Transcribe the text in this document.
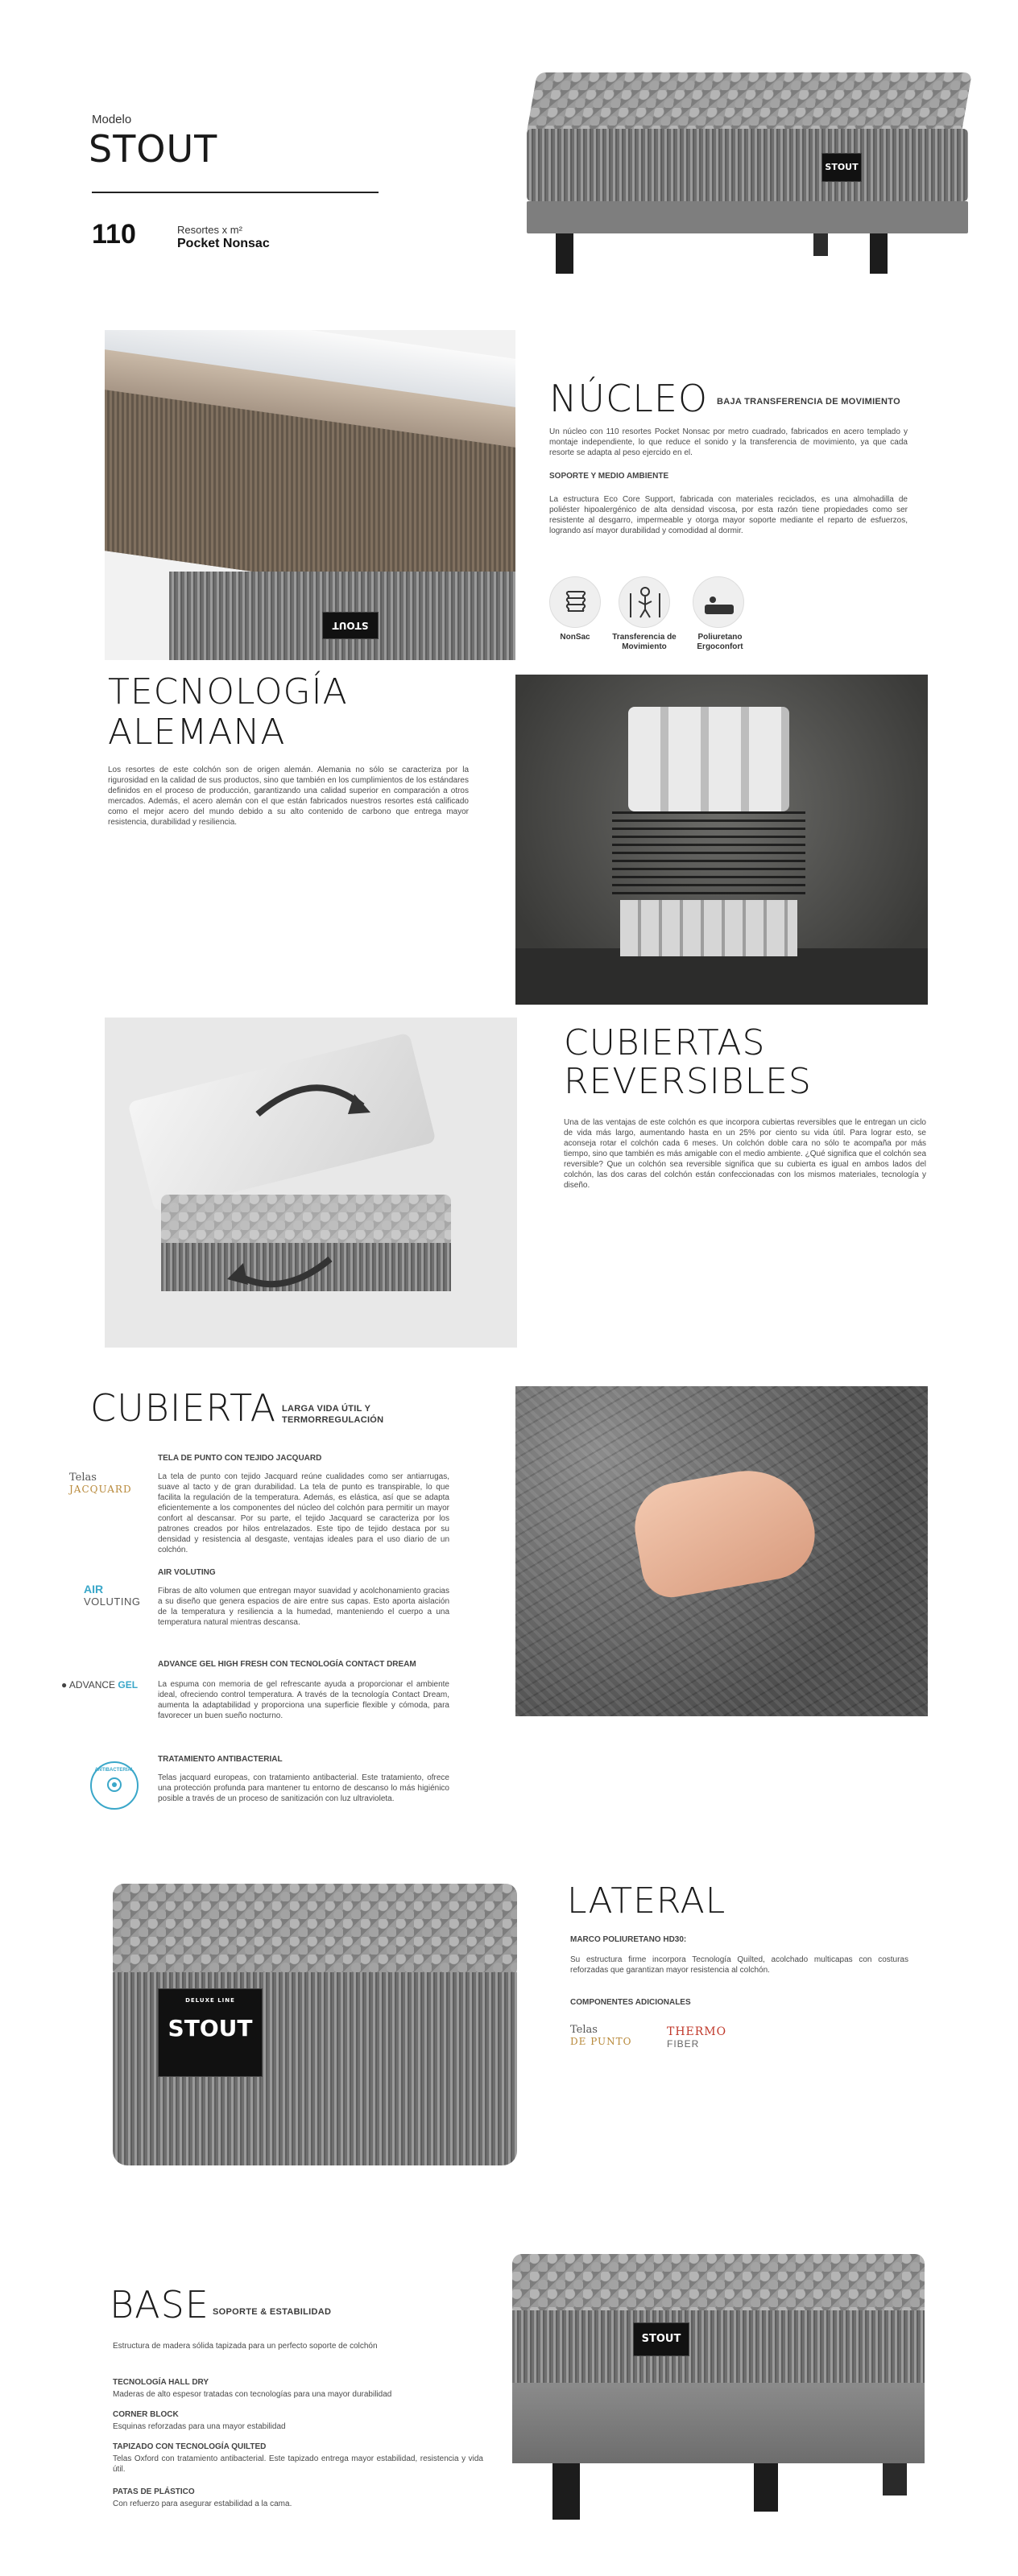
Modelo
STOUT
110	Resortes x m²
Pocket Nonsac
STOUT
STOUT
NÚCLEO BAJA TRANSFERENCIA DE MOVIMIENTO
Un núcleo con 110 resortes Pocket Nonsac por metro cuadrado, fabricados en acero templado y montaje independiente, lo que reduce el sonido y la transferencia de movimiento, ya que cada resorte se adapta al peso ejercido en el.
SOPORTE Y MEDIO AMBIENTE
La estructura Eco Core Support, fabricada con materiales reciclados, es una almohadilla de poliéster hipoalergénico de alta densidad viscosa, por esta razón tiene propiedades como ser resistente al desgarro, impermeable y otorga mayor soporte mediante el reparto de esfuerzos, logrando así mayor durabilidad y comodidad al dormir.
NonSac	Transferencia de Movimiento
Poliuretano Ergoconfort
TECNOLOGÍA
ALEMANA
Los resortes de este colchón son de origen alemán. Alemania no sólo se caracteriza por la rigurosidad en la calidad de sus productos, sino que también en los cumplimientos de los estándares definidos en el proceso de producción, garantizando una calidad superior en comparación a otros mercados. Además, el acero alemán con el que están fabricados nuestros resortes está calificado como el mejor acero del mundo debido a su alto contenido de carbono que entrega mayor resistencia, durabilidad y resiliencia.
CUBIERTAS
REVERSIBLES
Una de las ventajas de este colchón es que incorpora cubiertas reversibles que le entregan un ciclo de vida más largo, aumentando hasta en un 25% por ciento su vida útil. Para lograr esto, se aconseja rotar el colchón cada 6 meses. Un colchón doble cara no sólo te acompaña por más tiempo, sino que también es más amigable con el medio ambiente. ¿Qué significa que el colchón sea reversible? Que un colchón sea reversible significa que su cubierta es igual en ambos lados del colchón, las dos caras del colchón están confeccionadas con los mismos materiales, tecnología y diseño.
CUBIERTA LARGA VIDA ÚTIL Y
TERMORREGULACIÓN
Telas
JACQUARD
TELA DE PUNTO CON TEJIDO JACQUARD
La tela de punto con tejido Jacquard reúne cualidades como ser antiarrugas, suave al tacto y de gran durabilidad. La tela de punto es transpirable, lo que facilita la regulación de la temperatura. Además, es elástica, así que se adapta eficientemente a los componentes del núcleo del colchón para permitir un mayor confort al descansar. Por su parte, el tejido Jacquard se caracteriza por los patrones creados por hilos entrelazados. Este tipo de tejido destaca por su densidad y resistencia al desgaste, ventajas ideales para el uso diario de un colchón.
AIR
VOLUTING
AIR VOLUTING
Fibras de alto volumen que entregan mayor suavidad y acolchonamiento gracias a su diseño que genera espacios de aire entre sus capas. Esto aporta aislación de la temperatura y resiliencia a la humedad, manteniendo el cuerpo a una temperatura natural mientras descansa.
● ADVANCE GEL
ADVANCE GEL HIGH FRESH CON TECNOLOGÍA CONTACT DREAM
La espuma con memoria de gel refrescante ayuda a proporcionar el ambiente ideal, ofreciendo control temperatura. A través de la tecnología Contact Dream, aumenta la adaptabilidad y proporciona una superficie flexible y cómoda, para favorecer un buen sueño nocturno.
ANTIBACTERIAL
TRATAMIENTO ANTIBACTERIAL
Telas jacquard europeas, con tratamiento antibacterial. Este tratamiento, ofrece una protección profunda para mantener tu entorno de descanso lo más higiénico posible a través de un proceso de sanitización con luz ultravioleta.
DELUXE LINE
STOUT
LATERAL
MARCO POLIURETANO HD30:
Su estructura firme incorpora Tecnología Quilted, acolchado multicapas con costuras reforzadas que garantizan mayor resistencia al colchón.
COMPONENTES ADICIONALES
Telas
DE PUNTO
THERMO
FIBER
BASE SOPORTE & ESTABILIDAD
Estructura de madera sólida tapizada para un perfecto soporte de colchón
TECNOLOGÍA HALL DRY
Maderas de alto espesor tratadas con tecnologías para una mayor durabilidad
CORNER BLOCK
Esquinas reforzadas para una mayor estabilidad
TAPIZADO CON TECNOLOGÍA QUILTED
Telas Oxford con tratamiento antibacterial. Este tapizado entrega mayor estabilidad, resistencia y vida útil.
PATAS DE PLÁSTICO
Con refuerzo para asegurar estabilidad a la cama.
STOUT
